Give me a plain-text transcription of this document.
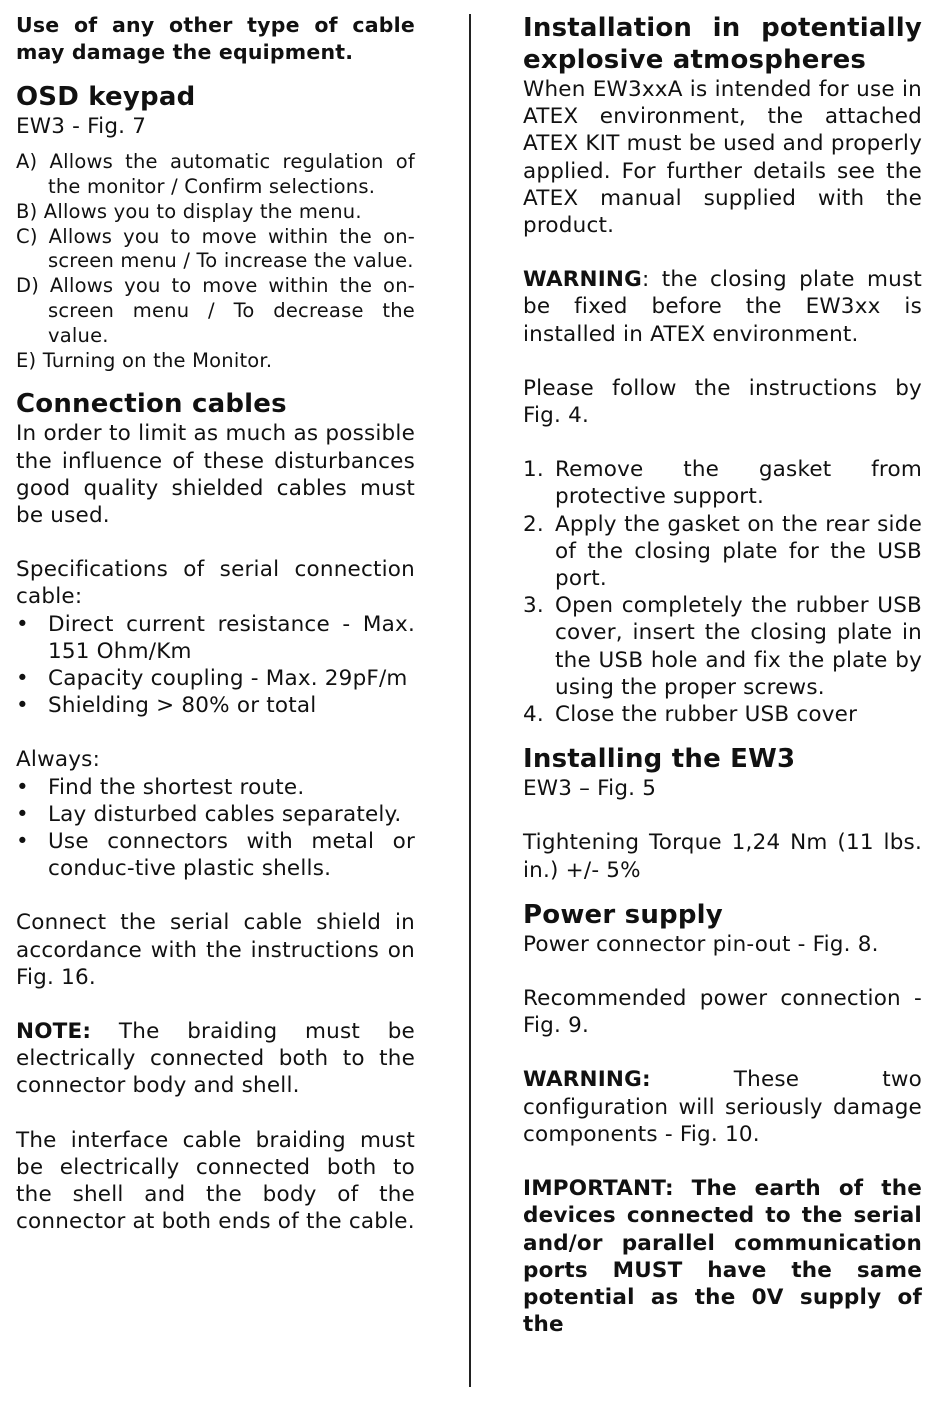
Use of any other type of cable may damage the equipment.

OSD keypad

EW3 - Fig. 7

A) Allows the automatic regulation of the monitor / Confirm selections.
B) Allows you to display the menu.
C) Allows you to move within the on-screen menu / To increase the value.
D) Allows you to move within the on-screen menu / To decrease the value.
E) Turning on the Monitor.
Connection cables

In order to limit as much as possible the influence of these disturbances good quality shielded cables must be used.

Specifications of serial connection cable:

• Direct current resistance - Max. 151 Ohm/Km
• Capacity coupling - Max. 29pF/m
• Shielding > 80% or total

Always:

• Find the shortest route.
• Lay disturbed cables separately.
• Use connectors with metal or conduc-tive plastic shells.

Connect the serial cable shield in accordance with the instructions on Fig. 16.

NOTE: The braiding must be electrically connected both to the connector body and shell.

The interface cable braiding must be electrically connected both to the shell and the body of the connector at both ends of the cable.

Installation in potentially explosive atmospheres

When EW3xxA is intended for use in ATEX environment, the attached ATEX KIT must be used and properly applied. For further details see the ATEX manual supplied with the product.

WARNING: the closing plate must be fixed before the EW3xx is installed in ATEX environment.

Please follow the instructions by Fig. 4.

1. Remove the gasket from protective support.
2. Apply the gasket on the rear side of the closing plate for the USB port.
3. Open completely the rubber USB cover, insert the closing plate in the USB hole and fix the plate by using the proper screws.
4. Close the rubber USB cover
Installing the EW3

EW3 – Fig. 5

Tightening Torque 1,24 Nm (11 lbs. in.) +/- 5%

Power supply

Power connector pin-out - Fig. 8.

Recommended power connection - Fig. 9.

WARNING: These two configuration will seriously damage components - Fig. 10.

IMPORTANT: The earth of the devices connected to the serial and/or parallel communication ports MUST have the same potential as the 0V supply of the
